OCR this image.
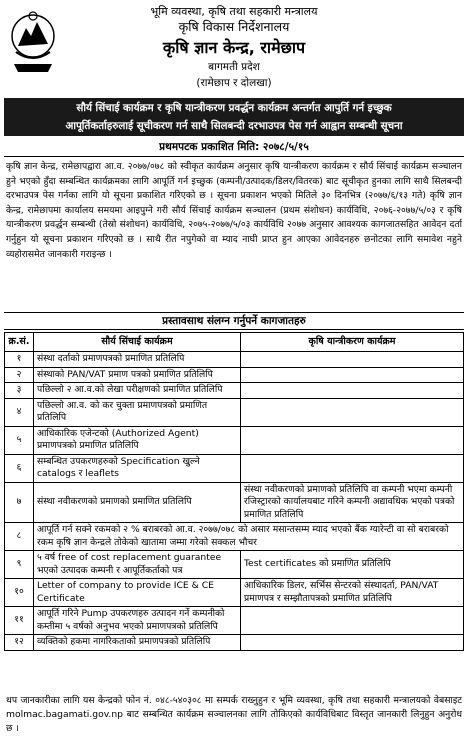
भूमि व्यवस्था, कृषि तथा सहकारी मन्त्रालय
कृषि विकास निर्देशनालय
कृषि ज्ञान केन्द्र, रामेछाप
बागमती प्रदेश
(रामेछाप र दोलखा)
सौर्य सिंचाई कार्यक्रम र कृषि यान्त्रीकरण प्रवर्द्धन कार्यक्रम अन्तर्गत आपुर्ति गर्न इच्छुक
आपूर्तिकर्ताहरुलाई सूचीकरण गर्न साथै सिलबन्दी दरभाउपत्र पेस गर्न आह्वान सम्बन्धी सूचना
प्रथमपटक प्रकाशित मिति: २०७८/५/१५
कृषि ज्ञान केन्द्र, रामेछापद्वारा आ.व. २०७७/०७८ को स्वीकृत कार्यक्रम अनुसार कृषि यान्त्रीकरण कार्यक्रम र सौर्य सिंचाई कार्यक्रम सञ्चालन हुने भएको हुँदा सम्बन्धित कार्यक्रमका लागि आपूर्ति गर्न इच्छुक (कम्पनी/उत्पादक/डिलर/वितरक) बाट सूचीकृत हुनका लागि साथै सिलबन्दी दरभाउपत्र पेस गर्नका लागि यो सूचना प्रकाशित गरिएको छ । सूचना प्रकाशन भएको मितिले ३० दिनभित्र (२०७७/६/१३ गते) कृषि ज्ञान केन्द्र, रामेछापमा कार्यालय समयमा आइपुग्ने गरी सौर्य सिंचाई कार्यक्रम सञ्चालन (प्रथम संशोधन) कार्यविधि, २०७६-२०७७/५/०३ र कृषि यान्त्रीकरण प्रवर्द्धन सम्बन्धी (तेस्रो संशोधन) कार्यविधि, २०७५-२०७७/५/०३ कार्यविधि २०७७ अनुसार आवश्यक कागजातसहित आवेदन दर्ता गर्नुहुन यो सूचना प्रकाशन गरिएको छ । साथै रीत नपुगेको वा म्याद नाघी प्राप्त हुन आएका आवेदनहरु छनोटका लागि समावेश नहुने व्यहोरासमेत जानकारी गराइन्छ ।
प्रस्तावसाथ संलग्न गर्नुपर्ने कागजातहरु
क्र.सं.	सौर्य सिंचाई कार्यक्रम	कृषि यान्त्रीकरण कार्यक्रम
१	संस्था दर्ताको प्रमाणपत्रको प्रमाणित प्रतिलिपि	
२	संस्थाको PAN/VAT प्रमाण पत्रको प्रमाणित प्रतिलिपि	
३	पछिल्लो २ आ.व.को लेखा परीक्षणको प्रमाणित प्रतिलिपि	
४	पछिल्लो आ.व. को कर चुक्ता प्रमाणपत्रको प्रमाणित प्रतिलिपि	
५	आधिकारिक एजेन्टको (Authorized Agent) प्रमाणपत्रको प्रमाणित प्रतिलिपि	
६	सम्बन्धित उपकरणहरुको Specification खुल्ने catalogs र leaflets	
७	संस्था नवीकरणको प्रमाणको प्रमाणित प्रतिलिपि	संस्था नवीकरणको प्रमाणको प्रतिलिपि वा कम्पनी भएमा कम्पनी रजिस्ट्रारको कार्यालयबाट गरिने कम्पनी अद्यावधिक भएको पत्रको प्रमाणित प्रतिलिपि
८	आपूर्ति गर्न सक्ने रकमको २ % बराबरको आ.व. २०७७/०७८ को असार मसान्तसम्म म्याद भएको बैंक ग्यारेन्टी वा सो बराबरको रकम कृषि ज्ञान केन्द्रले तोकेको खातामा जम्मा गरेको सक्कल भौचर	
९	५ वर्ष free of cost replacement guarantee भएको उत्पादक कम्पनी र आपूर्तिकर्ताको पत्र	Test certificates को प्रमाणित प्रतिलिपि
१०	Letter of company to provide ICE & CE Certificate	आधिकारिक डिलर, सर्भिस सेन्टरको संस्थादर्ता, PAN/VAT प्रमाणपत्र र सम्झौतापत्रको प्रमाणित प्रतिलिपि
११	आपूर्ति गरिने Pump उपकरणहरु उत्पादन गर्ने कम्पनीको कम्तीमा ५ वर्षको अनुभव भएको प्रमाणपत्रको प्रतिलिपि	
१२	व्यक्तिको हकमा नागरिकताको प्रमाणपत्रको प्रतिलिपि	
थप जानकारीका लागि यस केन्द्रको फोन नं. ०४८-५४०३०८ मा सम्पर्क राख्नुहुन र भूमि व्यवस्था, कृषि तथा सहकारी मन्त्रालयको वेबसाइट molmac.bagamati.gov.np बाट सम्बन्धित कार्यक्रम सञ्चालनका लागि तोकिएको कार्यविधिबाट विस्तृत जानकारी लिनुहुन अनुरोध छ ।
